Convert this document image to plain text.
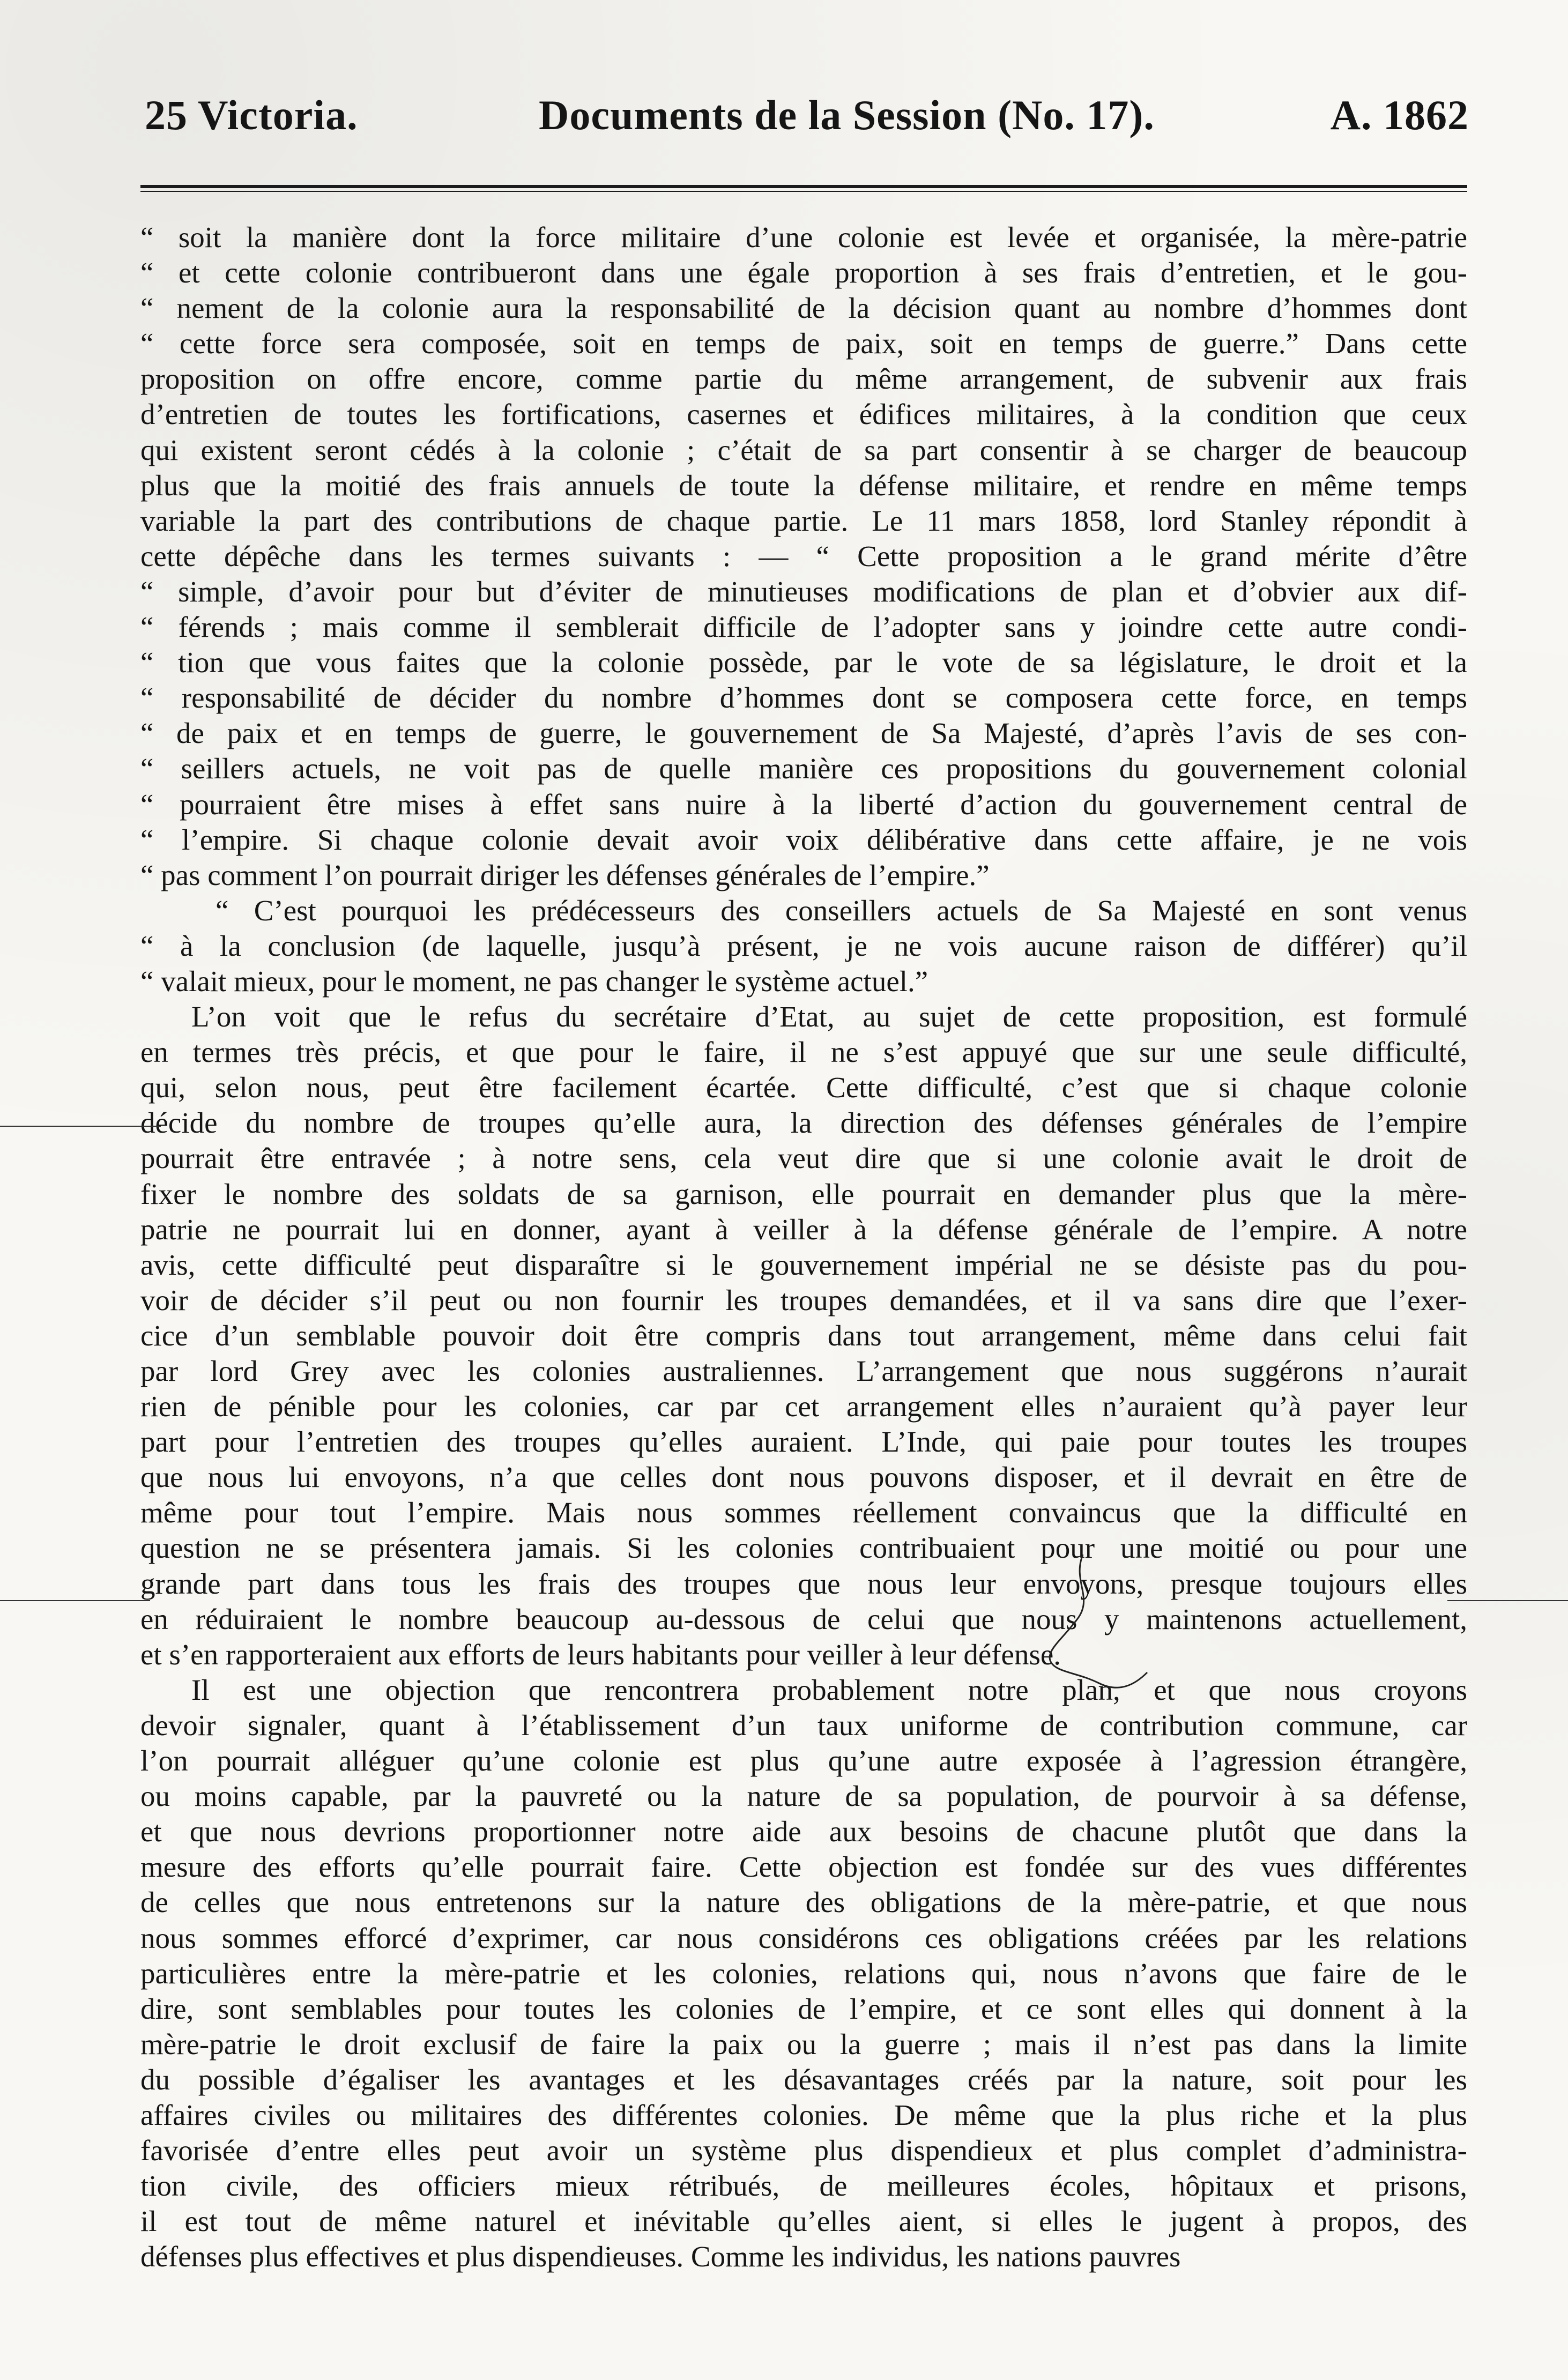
25 Victoria.	Documents de la Session (No. 17).	A. 1862
“ soit la manière dont la force militaire d’une colonie est levée et organisée, la mère-patrie
“ et cette colonie contribueront dans une égale proportion à ses frais d’entretien, et le gou-
“ nement de la colonie aura la responsabilité de la décision quant au nombre d’hommes dont
“ cette force sera composée, soit en temps de paix, soit en temps de guerre.” Dans cette
proposition on offre encore, comme partie du même arrangement, de subvenir aux frais
d’entretien de toutes les fortifications, casernes et édifices militaires, à la condition que ceux
qui existent seront cédés à la colonie ; c’était de sa part consentir à se charger de beaucoup
plus que la moitié des frais annuels de toute la défense militaire, et rendre en même temps
variable la part des contributions de chaque partie. Le 11 mars 1858, lord Stanley répondit à
cette dépêche dans les termes suivants : — “ Cette proposition a le grand mérite d’être
“ simple, d’avoir pour but d’éviter de minutieuses modifications de plan et d’obvier aux dif-
“ férends ; mais comme il semblerait difficile de l’adopter sans y joindre cette autre condi-
“ tion que vous faites que la colonie possède, par le vote de sa législature, le droit et la
“ responsabilité de décider du nombre d’hommes dont se composera cette force, en temps
“ de paix et en temps de guerre, le gouvernement de Sa Majesté, d’après l’avis de ses con-
“ seillers actuels, ne voit pas de quelle manière ces propositions du gouvernement colonial
“ pourraient être mises à effet sans nuire à la liberté d’action du gouvernement central de
“ l’empire. Si chaque colonie devait avoir voix délibérative dans cette affaire, je ne vois
“ pas comment l’on pourrait diriger les défenses générales de l’empire.”
“ C’est pourquoi les prédécesseurs des conseillers actuels de Sa Majesté en sont venus
“ à la conclusion (de laquelle, jusqu’à présent, je ne vois aucune raison de différer) qu’il
“ valait mieux, pour le moment, ne pas changer le système actuel.”
L’on voit que le refus du secrétaire d’Etat, au sujet de cette proposition, est formulé
en termes très précis, et que pour le faire, il ne s’est appuyé que sur une seule difficulté,
qui, selon nous, peut être facilement écartée. Cette difficulté, c’est que si chaque colonie
décide du nombre de troupes qu’elle aura, la direction des défenses générales de l’empire
pourrait être entravée ; à notre sens, cela veut dire que si une colonie avait le droit de
fixer le nombre des soldats de sa garnison, elle pourrait en demander plus que la mère-
patrie ne pourrait lui en donner, ayant à veiller à la défense générale de l’empire. A notre
avis, cette difficulté peut disparaître si le gouvernement impérial ne se désiste pas du pou-
voir de décider s’il peut ou non fournir les troupes demandées, et il va sans dire que l’exer-
cice d’un semblable pouvoir doit être compris dans tout arrangement, même dans celui fait
par lord Grey avec les colonies australiennes. L’arrangement que nous suggérons n’aurait
rien de pénible pour les colonies, car par cet arrangement elles n’auraient qu’à payer leur
part pour l’entretien des troupes qu’elles auraient. L’Inde, qui paie pour toutes les troupes
que nous lui envoyons, n’a que celles dont nous pouvons disposer, et il devrait en être de
même pour tout l’empire. Mais nous sommes réellement convaincus que la difficulté en
question ne se présentera jamais. Si les colonies contribuaient pour une moitié ou pour une
grande part dans tous les frais des troupes que nous leur envoyons, presque toujours elles
en réduiraient le nombre beaucoup au-dessous de celui que nous y maintenons actuellement,
et s’en rapporteraient aux efforts de leurs habitants pour veiller à leur défense.
Il est une objection que rencontrera probablement notre plan, et que nous croyons
devoir signaler, quant à l’établissement d’un taux uniforme de contribution commune, car
l’on pourrait alléguer qu’une colonie est plus qu’une autre exposée à l’agression étrangère,
ou moins capable, par la pauvreté ou la nature de sa population, de pourvoir à sa défense,
et que nous devrions proportionner notre aide aux besoins de chacune plutôt que dans la
mesure des efforts qu’elle pourrait faire. Cette objection est fondée sur des vues différentes
de celles que nous entretenons sur la nature des obligations de la mère-patrie, et que nous
nous sommes efforcé d’exprimer, car nous considérons ces obligations créées par les relations
particulières entre la mère-patrie et les colonies, relations qui, nous n’avons que faire de le
dire, sont semblables pour toutes les colonies de l’empire, et ce sont elles qui donnent à la
mère-patrie le droit exclusif de faire la paix ou la guerre ; mais il n’est pas dans la limite
du possible d’égaliser les avantages et les désavantages créés par la nature, soit pour les
affaires civiles ou militaires des différentes colonies. De même que la plus riche et la plus
favorisée d’entre elles peut avoir un système plus dispendieux et plus complet d’administra-
tion civile, des officiers mieux rétribués, de meilleures écoles, hôpitaux et prisons,
il est tout de même naturel et inévitable qu’elles aient, si elles le jugent à propos, des
défenses plus effectives et plus dispendieuses. Comme les individus, les nations pauvres
